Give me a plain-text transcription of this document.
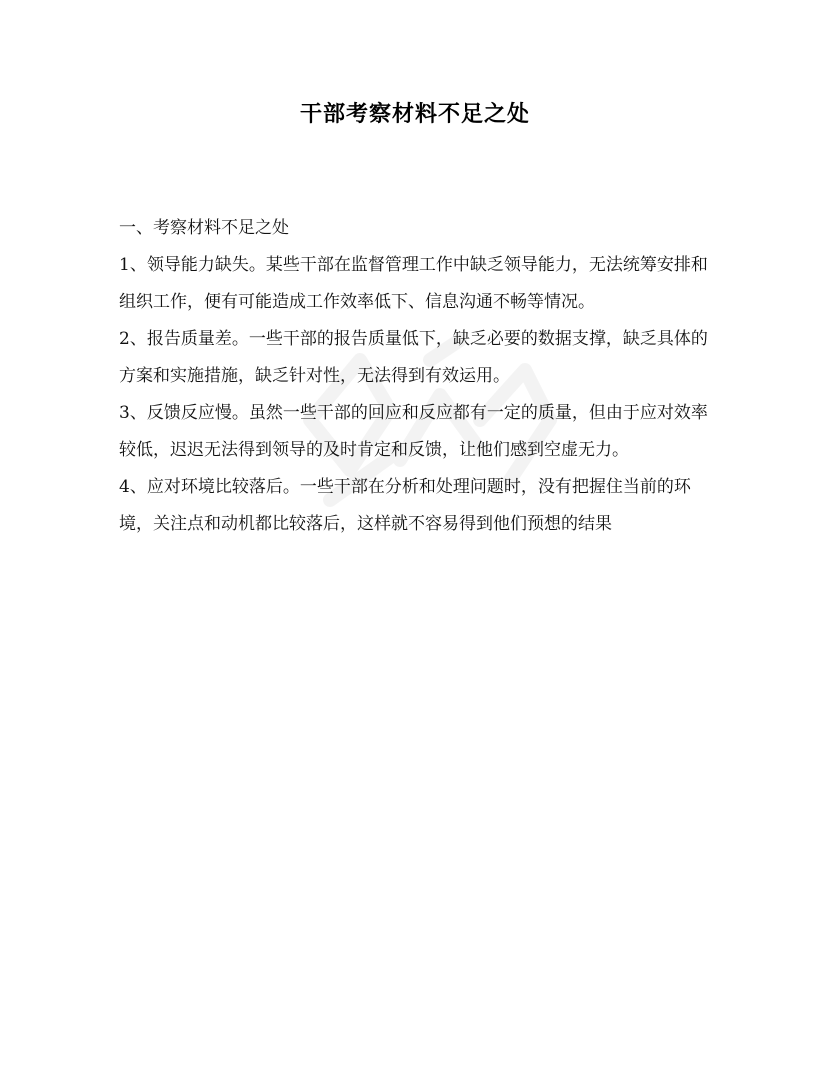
干部考察材料不足之处

一、考察材料不足之处

1、领导能力缺失。某些干部在监督管理工作中缺乏领导能力，无法统筹安排和组织工作，便有可能造成工作效率低下、信息沟通不畅等情况。

2、报告质量差。一些干部的报告质量低下，缺乏必要的数据支撑，缺乏具体的方案和实施措施，缺乏针对性，无法得到有效运用。

3、反馈反应慢。虽然一些干部的回应和反应都有一定的质量，但由于应对效率较低，迟迟无法得到领导的及时肯定和反馈，让他们感到空虚无力。

4、应对环境比较落后。一些干部在分析和处理问题时，没有把握住当前的环境，关注点和动机都比较落后，这样就不容易得到他们预想的结果
